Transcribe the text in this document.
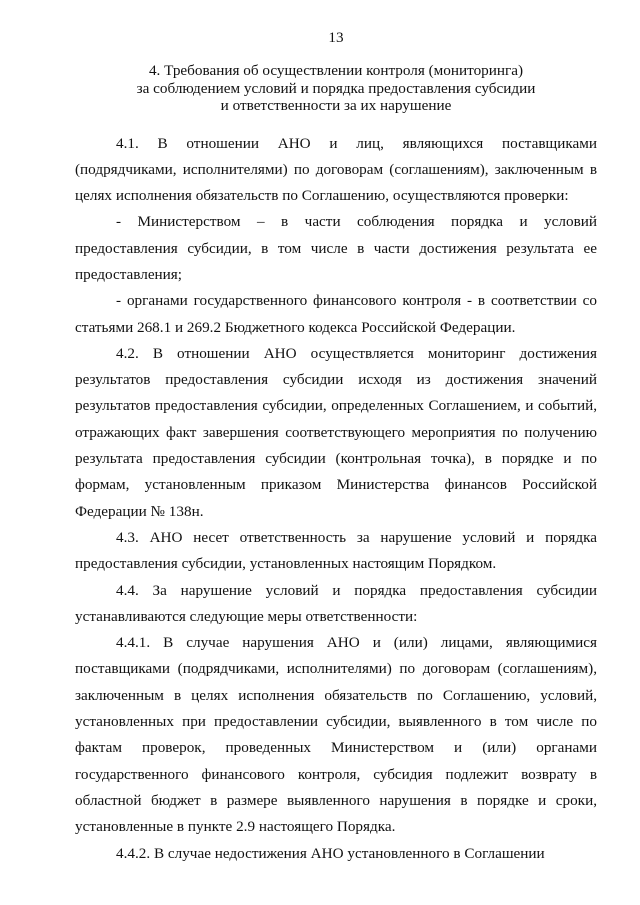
13
4. Требования об осуществлении контроля (мониторинга)
за соблюдением условий и порядка предоставления субсидии
и ответственности за их нарушение

4.1. В отношении АНО и лиц, являющихся поставщиками (подрядчиками, исполнителями) по договорам (соглашениям), заключенным в целях исполнения обязательств по Соглашению, осуществляются проверки:

- Министерством – в части соблюдения порядка и условий предоставления субсидии, в том числе в части достижения результата ее предоставления;

- органами государственного финансового контроля - в соответствии со статьями 268.1 и 269.2 Бюджетного кодекса Российской Федерации.

4.2. В отношении АНО осуществляется мониторинг достижения результатов предоставления субсидии исходя из достижения значений результатов предоставления субсидии, определенных Соглашением, и событий, отражающих факт завершения соответствующего мероприятия по получению результата предоставления субсидии (контрольная точка), в порядке и по формам, установленным приказом Министерства финансов Российской Федерации № 138н.

4.3. АНО несет ответственность за нарушение условий и порядка предоставления субсидии, установленных настоящим Порядком.

4.4. За нарушение условий и порядка предоставления субсидии устанавливаются следующие меры ответственности:

4.4.1. В случае нарушения АНО и (или) лицами, являющимися поставщиками (подрядчиками, исполнителями) по договорам (соглашениям), заключенным в целях исполнения обязательств по Соглашению, условий, установленных при предоставлении субсидии, выявленного в том числе по фактам проверок, проведенных Министерством и (или) органами государственного финансового контроля, субсидия подлежит возврату в областной бюджет в размере выявленного нарушения в порядке и сроки, установленные в пункте 2.9 настоящего Порядка.

4.4.2. В случае недостижения АНО установленного в Соглашении
